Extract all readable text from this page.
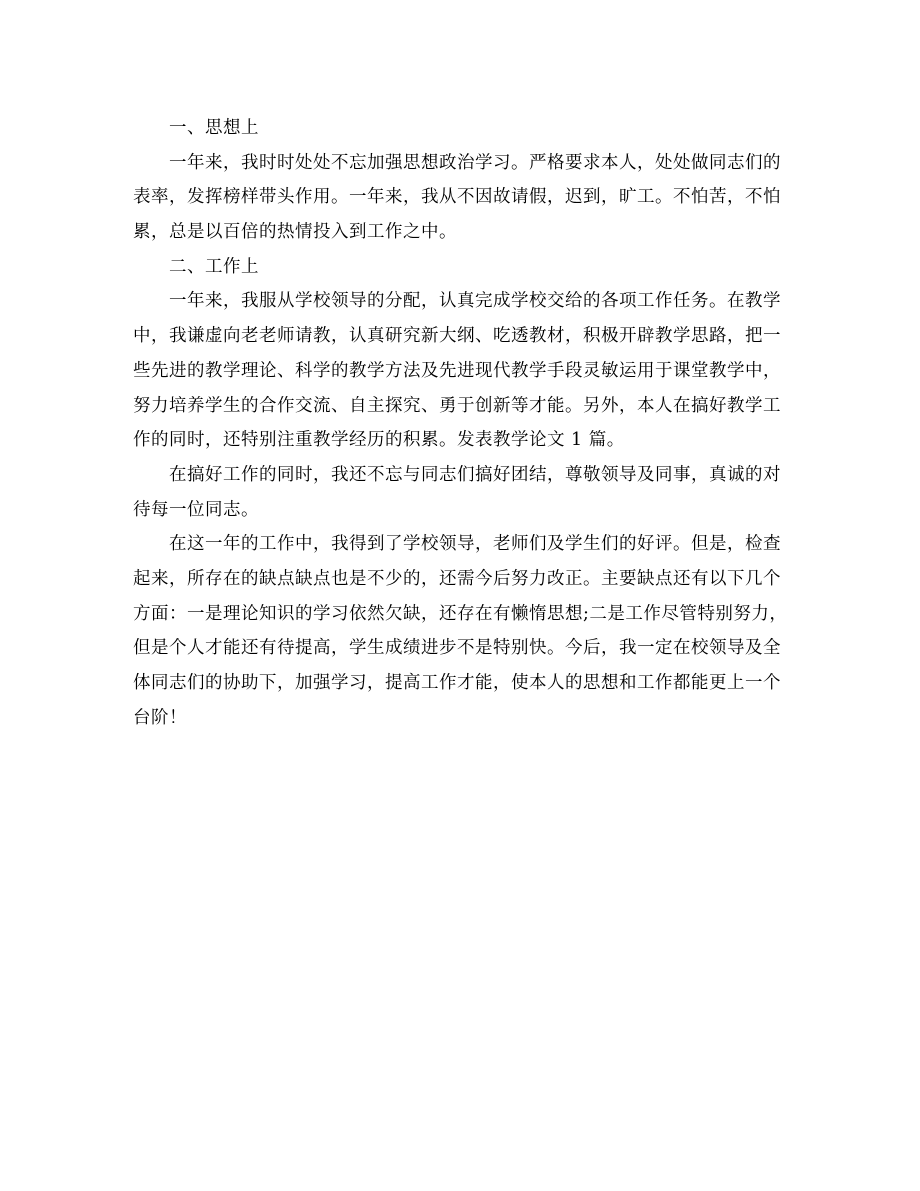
一、思想上
一年来，我时时处处不忘加强思想政治学习。严格要求本人，处处做同志们的
表率，发挥榜样带头作用。一年来，我从不因故请假，迟到，旷工。不怕苦，不怕
累，总是以百倍的热情投入到工作之中。
二、工作上
一年来，我服从学校领导的分配，认真完成学校交给的各项工作任务。在教学
中，我谦虚向老老师请教，认真研究新大纲、吃透教材，积极开辟教学思路，把一
些先进的教学理论、科学的教学方法及先进现代教学手段灵敏运用于课堂教学中，
努力培养学生的合作交流、自主探究、勇于创新等才能。另外，本人在搞好教学工
作的同时，还特别注重教学经历的积累。发表教学论文 1 篇。
在搞好工作的同时，我还不忘与同志们搞好团结，尊敬领导及同事，真诚的对
待每一位同志。
在这一年的工作中，我得到了学校领导，老师们及学生们的好评。但是，检查
起来，所存在的缺点缺点也是不少的，还需今后努力改正。主要缺点还有以下几个
方面：一是理论知识的学习依然欠缺，还存在有懒惰思想;二是工作尽管特别努力，
但是个人才能还有待提高，学生成绩进步不是特别快。今后，我一定在校领导及全
体同志们的协助下，加强学习，提高工作才能，使本人的思想和工作都能更上一个
台阶！
zixin.com.cn
